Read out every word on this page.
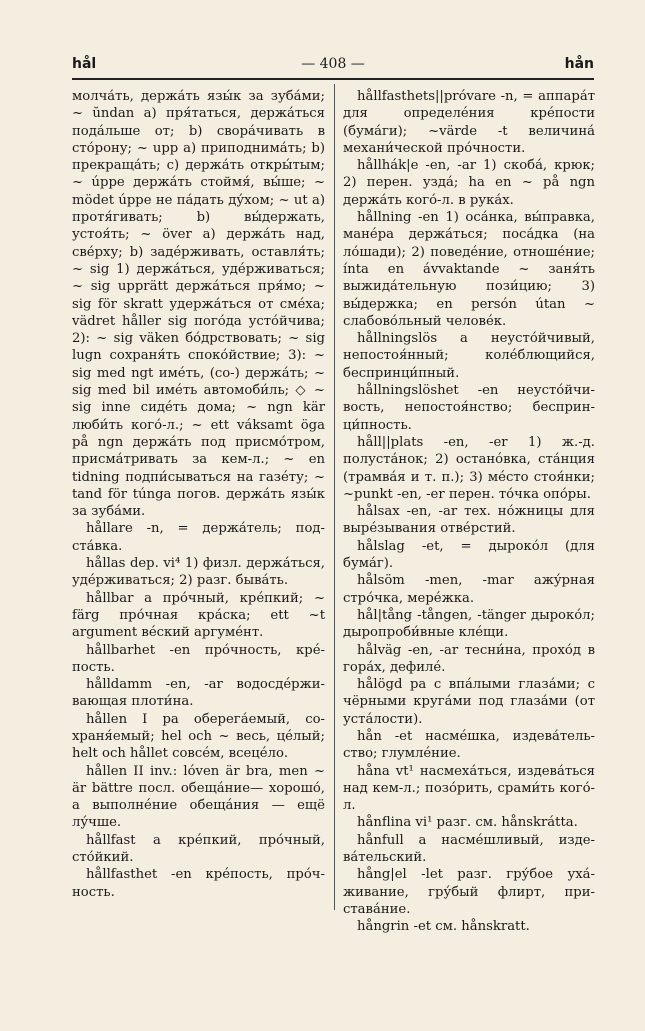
hål	— 408 —	hån

молча́ть, держа́ть язы́к за зуба́ми; ~ ŭndan a) пря́таться, держа́ться пода́льше от; b) свора́чивать в сто́рону; ~ upp a) приподнима́ть; b) прекраща́ть; c) держа́ть откры́тым; ~ úppe держа́ть стоймя́, вы́ше; ~ mödet úppe не па́дать ду́хом; ~ ut a) протя́гивать; b) вы́держать, устоя́ть; ~ över a) держа́ть над, све́рху; b) задéрживать, оставля́ть; ~ sig 1) держа́ться, удéрживаться; ~ sig upprätt держа́ться пря́мо; ~ sig för skratt удержа́ться от смéха; vädret håller sig пого́да усто́йчива; 2): ~ sig väken бо́дрствовать; ~ sig lugn сохраня́ть споко́йствие; 3): ~ sig med ngt имéть, (со-) держа́ть; ~ sig med bil имéть автомоби́ль; ◇ ~ sig inne сидéть дома; ~ ngn kär люби́ть кого́-л.; ~ ett váksamt öga på ngn держа́ть под присмо́тром, присма́тривать за кем-л.; ~ en tidning подпи́сываться на газéту; ~ tand för túnga погов. держа́ть язы́к за зуба́ми.

hållare -n, = держа́тель; подста́вка.

hållas dep. vi⁴ 1) физл. держа́ться, удéрживаться; 2) разг. быва́ть.

hållbar a про́чный, крéпкий; ~ färg про́чная кра́ска; ett ~t argument вéский аргумéнт.

hållbarhet -en про́чность, крéпость.

hålldamm -en, -ar водосдéрживающая плоти́на.

hållen I pa оберега́емый, сохраня́емый; hel och ~ весь, цéлый; helt och hållet совсéм, всецéло.

hållen II inv.: lóven är bra, men ~ är bättre посл. обещáние— хорошо́, а выполнéние обещáния — ещё лу́чше.

hållfast a крéпкий, про́чный, сто́йкий.

hållfasthet -en крéпость, про́чность.

hållfasthets||próvare -n, = аппара́т для определéния крéпости (бума́ги); ~värde -t величина́ механи́ческой про́чности.

hållhák|e -en, -ar 1) скоба́, крюк; 2) перен. узда́; ha en ~ på ngn держа́ть кого́-л. в рука́х.

hållning -en 1) оса́нка, вы́правка, манéра держа́ться; поса́дка (на ло́шади); 2) поведéние, отношéние; ínta en ávvaktande ~ заня́ть выжида́тельную пози́цию; 3) вы́держка; en persón útan ~ слабово́льный человéк.

hållningslös a неусто́йчивый, непостоя́нный; колéблющийся, беспринци́пный.

hållningslöshet -en неусто́йчивость, непостоя́нство; беспринци́пность.

håll||plats -en, -er 1) ж.-д. полуста́нок; 2) останóвка, ста́нция (трамва́я и т. п.); 3) мéсто стоя́нки; ~punkt -en, -er перен. то́чка опо́ры.

hålsax -en, -ar тех. но́жницы для вырéзывания отвéрстий.

hålslag -et, = дыроко́л (для бума́г).

hålsöm -men, -mar ажу́рная стро́чка, мерéжка.

hål|tång -tången, -tänger дыроко́л; дыропроби́вные клéщи.

hålväg -en, -ar тесни́на, прохо́д в гора́х, дефилé.

hålögd pa с впа́лыми глаза́ми; с чёрными круга́ми под глаза́ми (от уста́лости).

hån -et насмéшка, издева́тельство; глумлéние.

håna vt¹ насмеха́ться, издева́ться над кем-л.; позо́рить, срами́ть кого́-л.

hånflina vi¹ разг. см. hånskrátta.

hånfull a насмéшливый, издева́тельский.

hång|el -let разг. гру́бое уха́живание, гру́бый флирт, пристава́ние.

hångrin -et см. hånskratt.
